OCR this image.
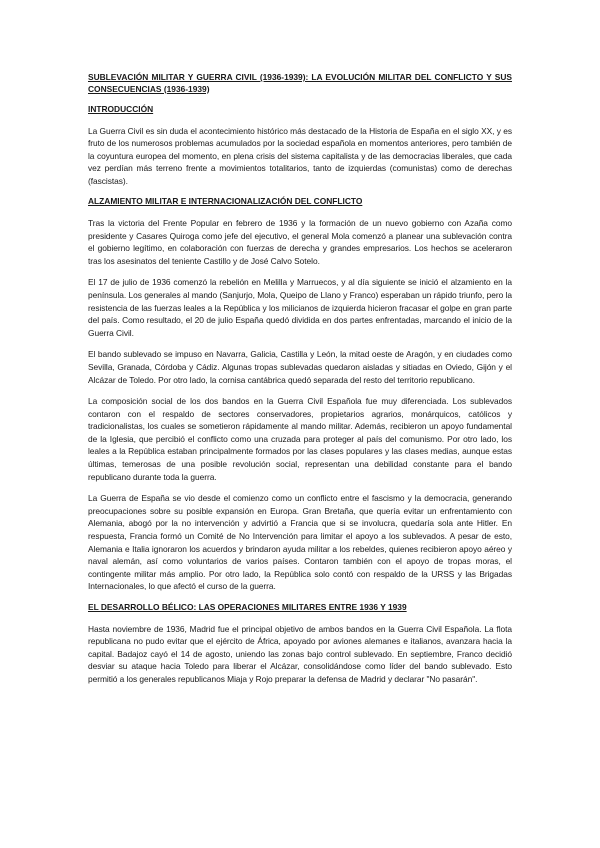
SUBLEVACIÓN MILITAR Y GUERRA CIVIL (1936-1939): LA EVOLUCIÓN MILITAR DEL CONFLICTO Y SUS CONSECUENCIAS (1936-1939)
INTRODUCCIÓN

La Guerra Civil es sin duda el acontecimiento histórico más destacado de la Historia de España en el siglo XX, y es fruto de los numerosos problemas acumulados por la sociedad española en momentos anteriores, pero también de la coyuntura europea del momento, en plena crisis del sistema capitalista y de las democracias liberales, que cada vez perdían más terreno frente a movimientos totalitarios, tanto de izquierdas (comunistas) como de derechas (fascistas).

ALZAMIENTO MILITAR E INTERNACIONALIZACIÓN DEL CONFLICTO

Tras la victoria del Frente Popular en febrero de 1936 y la formación de un nuevo gobierno con Azaña como presidente y Casares Quiroga como jefe del ejecutivo, el general Mola comenzó a planear una sublevación contra el gobierno legítimo, en colaboración con fuerzas de derecha y grandes empresarios. Los hechos se aceleraron tras los asesinatos del teniente Castillo y de José Calvo Sotelo.

El 17 de julio de 1936 comenzó la rebelión en Melilla y Marruecos, y al día siguiente se inició el alzamiento en la península. Los generales al mando (Sanjurjo, Mola, Queipo de Llano y Franco) esperaban un rápido triunfo, pero la resistencia de las fuerzas leales a la República y los milicianos de izquierda hicieron fracasar el golpe en gran parte del país. Como resultado, el 20 de julio España quedó dividida en dos partes enfrentadas, marcando el inicio de la Guerra Civil.

El bando sublevado se impuso en Navarra, Galicia, Castilla y León, la mitad oeste de Aragón, y en ciudades como Sevilla, Granada, Córdoba y Cádiz. Algunas tropas sublevadas quedaron aisladas y sitiadas en Oviedo, Gijón y el Alcázar de Toledo. Por otro lado, la cornisa cantábrica quedó separada del resto del territorio republicano.

La composición social de los dos bandos en la Guerra Civil Española fue muy diferenciada. Los sublevados contaron con el respaldo de sectores conservadores, propietarios agrarios, monárquicos, católicos y tradicionalistas, los cuales se sometieron rápidamente al mando militar. Además, recibieron un apoyo fundamental de la Iglesia, que percibió el conflicto como una cruzada para proteger al país del comunismo. Por otro lado, los leales a la República estaban principalmente formados por las clases populares y las clases medias, aunque estas últimas, temerosas de una posible revolución social, representan una debilidad constante para el bando republicano durante toda la guerra.

La Guerra de España se vio desde el comienzo como un conflicto entre el fascismo y la democracia, generando preocupaciones sobre su posible expansión en Europa. Gran Bretaña, que quería evitar un enfrentamiento con Alemania, abogó por la no intervención y advirtió a Francia que si se involucra, quedaría sola ante Hitler. En respuesta, Francia formó un Comité de No Intervención para limitar el apoyo a los sublevados. A pesar de esto, Alemania e Italia ignoraron los acuerdos y brindaron ayuda militar a los rebeldes, quienes recibieron apoyo aéreo y naval alemán, así como voluntarios de varios países. Contaron también con el apoyo de tropas moras, el contingente militar más amplio. Por otro lado, la República solo contó con respaldo de la URSS y las Brigadas Internacionales, lo que afectó el curso de la guerra.

EL DESARROLLO BÉLICO: LAS OPERACIONES MILITARES ENTRE 1936 Y 1939

Hasta noviembre de 1936, Madrid fue el principal objetivo de ambos bandos en la Guerra Civil Española. La flota republicana no pudo evitar que el ejército de África, apoyado por aviones alemanes e italianos, avanzara hacia la capital. Badajoz cayó el 14 de agosto, uniendo las zonas bajo control sublevado. En septiembre, Franco decidió desviar su ataque hacia Toledo para liberar el Alcázar, consolidándose como líder del bando sublevado. Esto permitió a los generales republicanos Miaja y Rojo preparar la defensa de Madrid y declarar "No pasarán".
